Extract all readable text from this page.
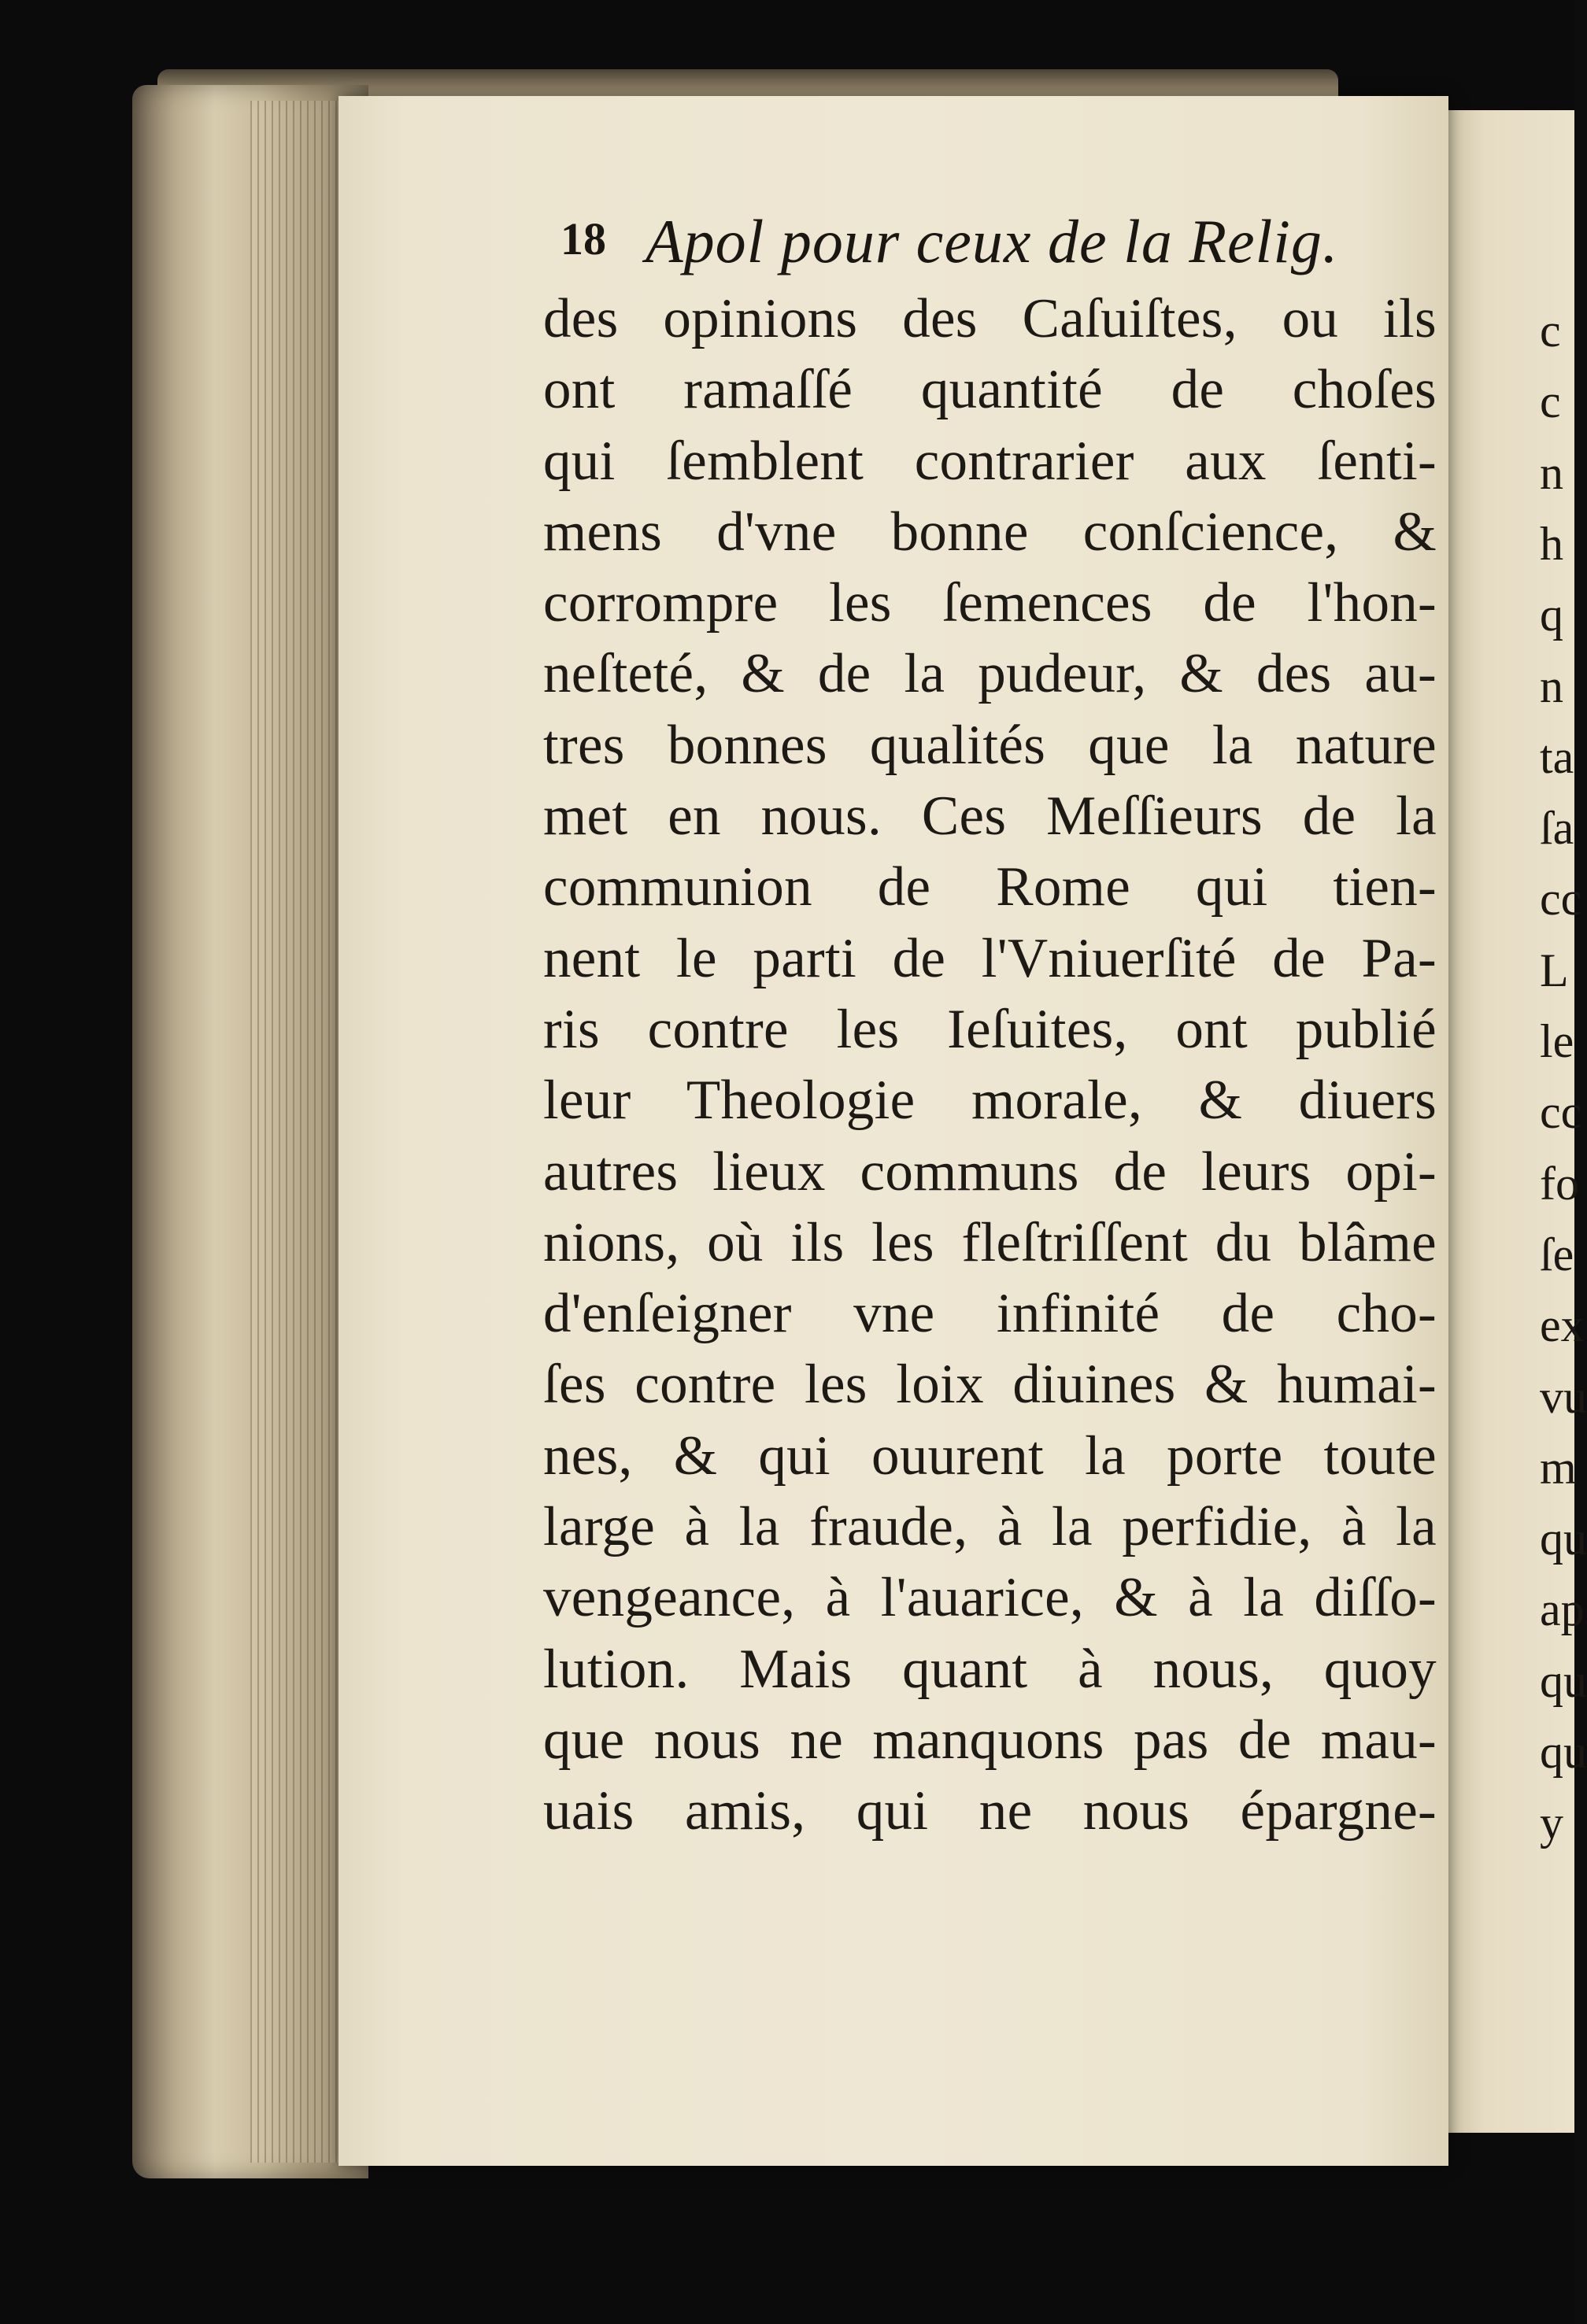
c
c
n
h
q
n
ta
ſa
cc
L
le
cc
fo
ſe
ex
vu
m
qu
ap
qu
qu
y
18 Apol pour ceux de la Relig.
des opinions des Caſuiſtes, ou ils
ont ramaſſé quantité de choſes
qui ſemblent contrarier aux ſenti-
mens d'vne bonne conſcience, &
corrompre les ſemences de l'hon-
neſteté, & de la pudeur, & des au-
tres bonnes qualités que la nature
met en nous. Ces Meſſieurs de la
communion de Rome qui tien-
nent le parti de l'Vniuerſité de Pa-
ris contre les Ieſuites, ont publié
leur Theologie morale, & diuers
autres lieux communs de leurs opi-
nions, où ils les fleſtriſſent du blâme
d'enſeigner vne infinité de cho-
ſes contre les loix diuines & humai-
nes, & qui ouurent la porte toute
large à la fraude, à la perfidie, à la
vengeance, à l'auarice, & à la diſſo-
lution. Mais quant à nous, quoy
que nous ne manquons pas de mau-
uais amis, qui ne nous épargne-
